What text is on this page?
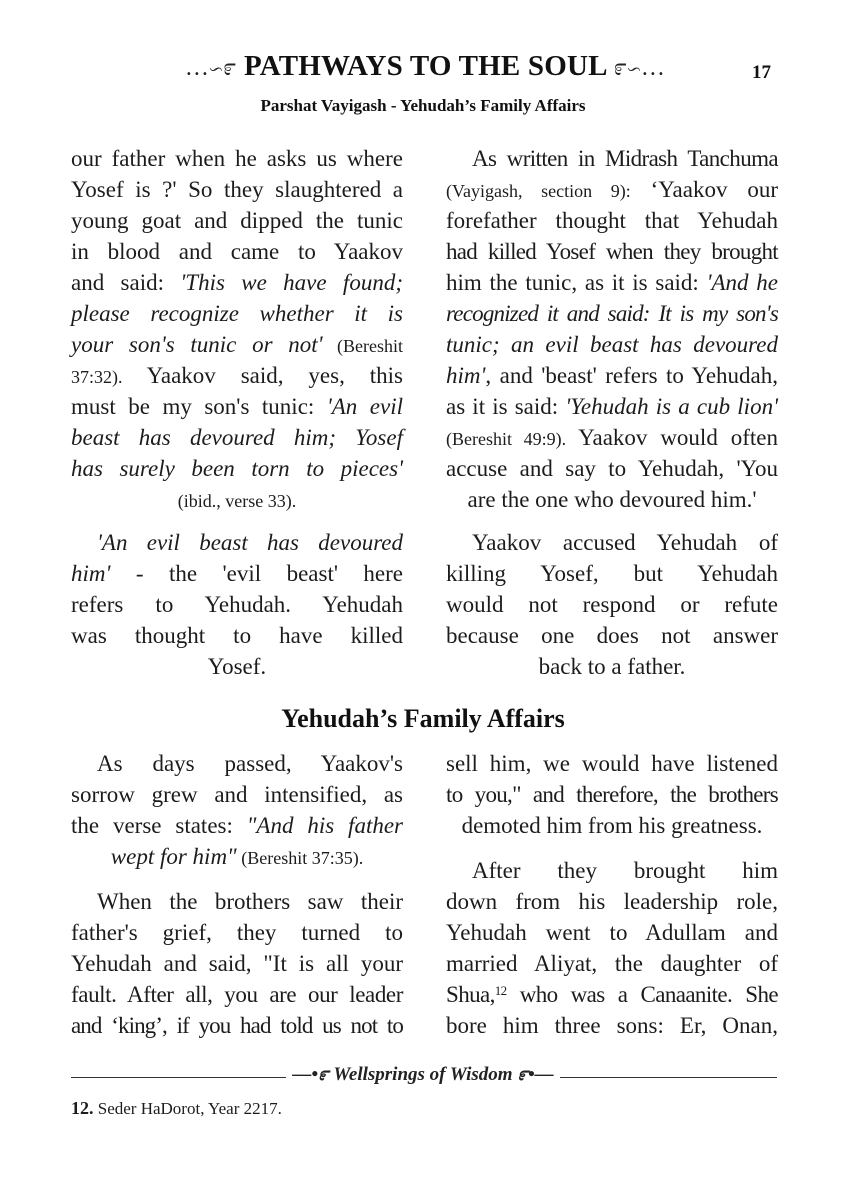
…∽೯ PATHWAYS TO THE SOUL ೯∽…	17
Parshat Vayigash - Yehudah’s Family Affairs
our father when he asks us where
Yosef is ?' So they slaughtered a
young goat and dipped the tunic
in blood and came to Yaakov
and said: 'This we have found;
please recognize whether it is
your son's tunic or not' (Bereshit
37:32). Yaakov said, yes, this
must be my son's tunic: 'An evil
beast has devoured him; Yosef
has surely been torn to pieces'
(ibid., verse 33).
'An evil beast has devoured
him' - the 'evil beast' here
refers to Yehudah. Yehudah
was thought to have killed
Yosef.
As written in Midrash Tanchuma
(Vayigash, section 9): ‘Yaakov our
forefather thought that Yehudah
had killed Yosef when they brought
him the tunic, as it is said: 'And he
recognized it and said: It is my son's
tunic; an evil beast has devoured
him', and 'beast' refers to Yehudah,
as it is said: 'Yehudah is a cub lion'
(Bereshit 49:9). Yaakov would often
accuse and say to Yehudah, 'You
are the one who devoured him.'
Yaakov accused Yehudah of
killing Yosef, but Yehudah
would not respond or refute
because one does not answer
back to a father.
Yehudah’s Family Affairs
As days passed, Yaakov's
sorrow grew and intensified, as
the verse states: "And his father
wept for him" (Bereshit 37:35).
When the brothers saw their
father's grief, they turned to
Yehudah and said, "It is all your
fault. After all, you are our leader
and ‘king’, if you had told us not to
sell him, we would have listened
to you," and therefore, the brothers
demoted him from his greatness.
After they brought him
down from his leadership role,
Yehudah went to Adullam and
married Aliyat, the daughter of
Shua,$^{12}$ who was a Canaanite. She
bore him three sons: Er, Onan,
—•೯ Wellsprings of Wisdom ೯•—
12. Seder HaDorot, Year 2217.
